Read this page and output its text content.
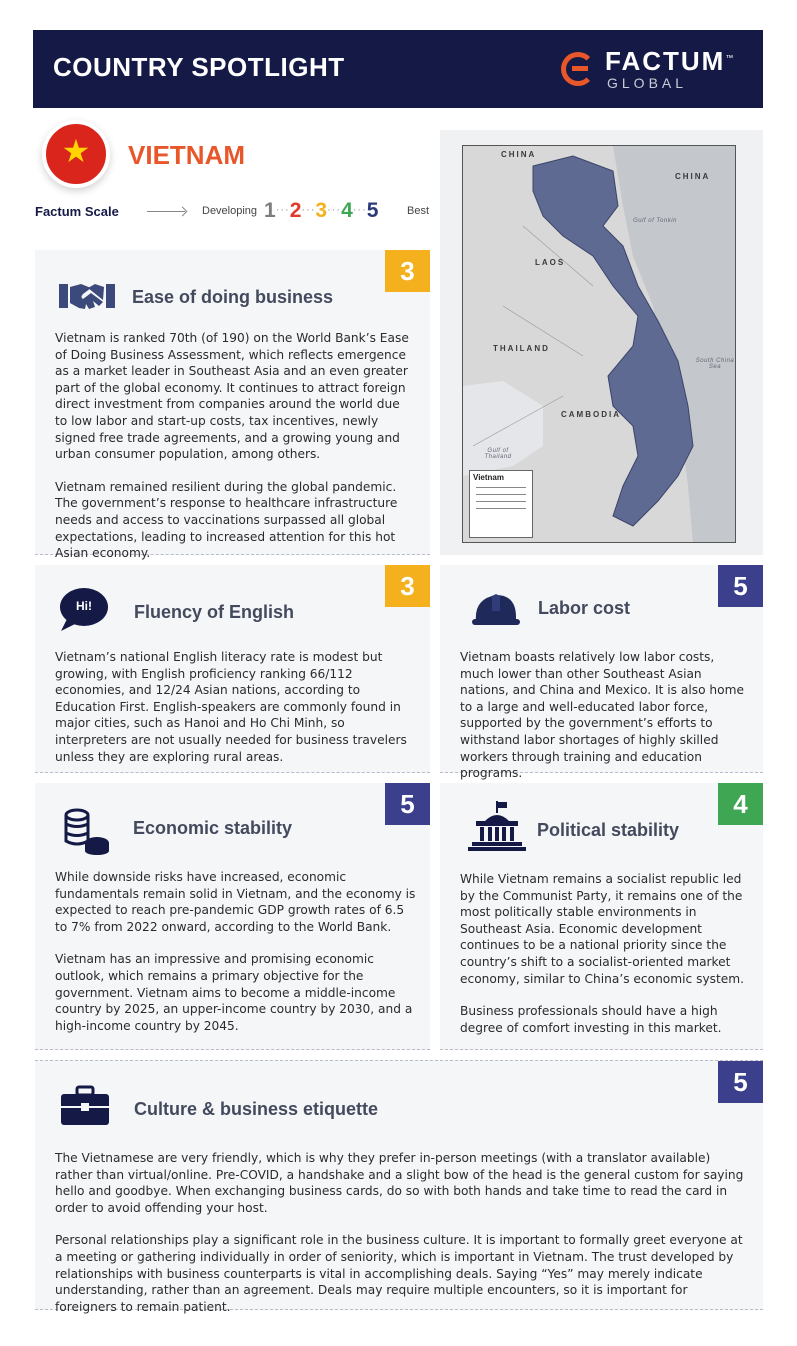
COUNTRY SPOTLIGHT	FACTUM™
GLOBAL
★	VIETNAM
Factum Scale	Developing 1···2···3···4···5	Best
3
Ease of doing business

Vietnam is ranked 70th (of 190) on the World Bank’s Ease of Doing Business Assessment, which reflects emergence as a market leader in Southeast Asia and an even greater part of the global economy. It continues to attract foreign direct investment from companies around the world due to low labor and start-up costs, tax incentives, newly signed free trade agreements, and a growing young and urban consumer population, among others.

Vietnam remained resilient during the global pandemic. The government’s response to healthcare infrastructure needs and access to vaccinations surpassed all global expectations, leading to increased attention for this hot Asian economy.

CHINA
CHINA
LAOS
THAILAND
CAMBODIA
Gulf of Tonkin
South China Sea
Gulf of Thailand
Vietnam
3
Hi!	Fluency of English

Vietnam’s national English literacy rate is modest but growing, with English proficiency ranking 66/112 economies, and 12/24 Asian nations, according to Education First. English-speakers are commonly found in major cities, such as Hanoi and Ho Chi Minh, so interpreters are not usually needed for business travelers unless they are exploring rural areas.

5
Labor cost

Vietnam boasts relatively low labor costs, much lower than other Southeast Asian nations, and China and Mexico. It is also home to a large and well-educated labor force, supported by the government’s efforts to withstand labor shortages of highly skilled workers through training and education programs.

5
Economic stability

While downside risks have increased, economic fundamentals remain solid in Vietnam, and the economy is expected to reach pre-pandemic GDP growth rates of 6.5 to 7% from 2022 onward, according to the World Bank.

Vietnam has an impressive and promising economic outlook, which remains a primary objective for the government. Vietnam aims to become a middle-income country by 2025, an upper-income country by 2030, and a high-income country by 2045.

4
Political stability

While Vietnam remains a socialist republic led by the Communist Party, it remains one of the most politically stable environments in Southeast Asia. Economic development continues to be a national priority since the country’s shift to a socialist-oriented market economy, similar to China’s economic system.

Business professionals should have a high degree of comfort investing in this market.

5
Culture & business etiquette

The Vietnamese are very friendly, which is why they prefer in-person meetings (with a translator available) rather than virtual/online. Pre-COVID, a handshake and a slight bow of the head is the general custom for saying hello and goodbye. When exchanging business cards, do so with both hands and take time to read the card in order to avoid offending your host.

Personal relationships play a significant role in the business culture. It is important to formally greet everyone at a meeting or gathering individually in order of seniority, which is important in Vietnam. The trust developed by relationships with business counterparts is vital in accomplishing deals. Saying “Yes” may merely indicate understanding, rather than an agreement. Deals may require multiple encounters, so it is important for foreigners to remain patient.
